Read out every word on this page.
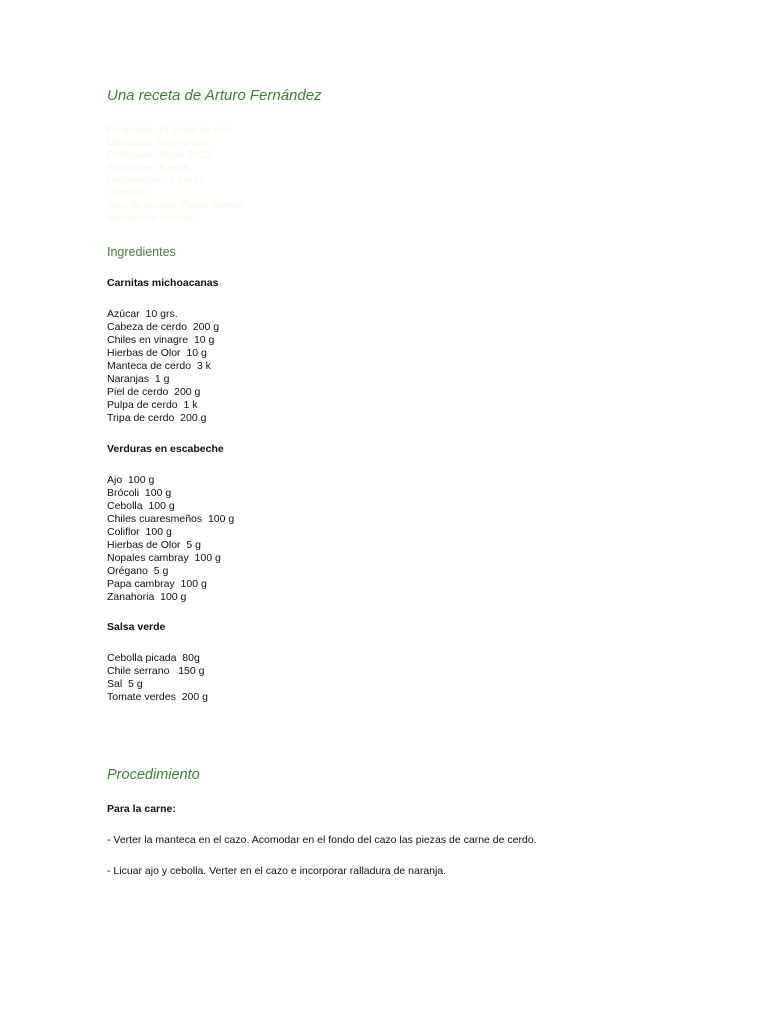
Una receta de Arturo Fernández
Programa: El gusto es mío
Dificultad: Intermedia
Publicada: Mayo 2012
Porciones: 8 pers.
Preparación: 2 horas
Cocción:
Tipo de receta: Platos fuertes
Método de cocción:
Ingredientes
Carnitas michoacanas
Azúcar  10 grs.
Cabeza de cerdo  200 g
Chiles en vinagre  10 g
Hierbas de Olor  10 g
Manteca de cerdo  3 k
Naranjas  1 g
Piel de cerdo  200 g
Pulpa de cerdo  1 k
Tripa de cerdo  200 g
Verduras en escabeche
Ajo  100 g
Brócoli  100 g
Cebolla  100 g
Chiles cuaresmeños  100 g
Coliflor  100 g
Hierbas de Olor  5 g
Nopales cambray  100 g
Orégano  5 g
Papa cambray  100 g
Zanahoria  100 g
Salsa verde
Cebolla picada  80g
Chile serrano   150 g
Sal  5 g
Tomate verdes  200 g
Procedimiento

Para la carne:

- Verter la manteca en el cazo. Acomodar en el fondo del cazo las piezas de carne de cerdo.

- Licuar ajo y cebolla. Verter en el cazo e incorporar ralladura de naranja.
